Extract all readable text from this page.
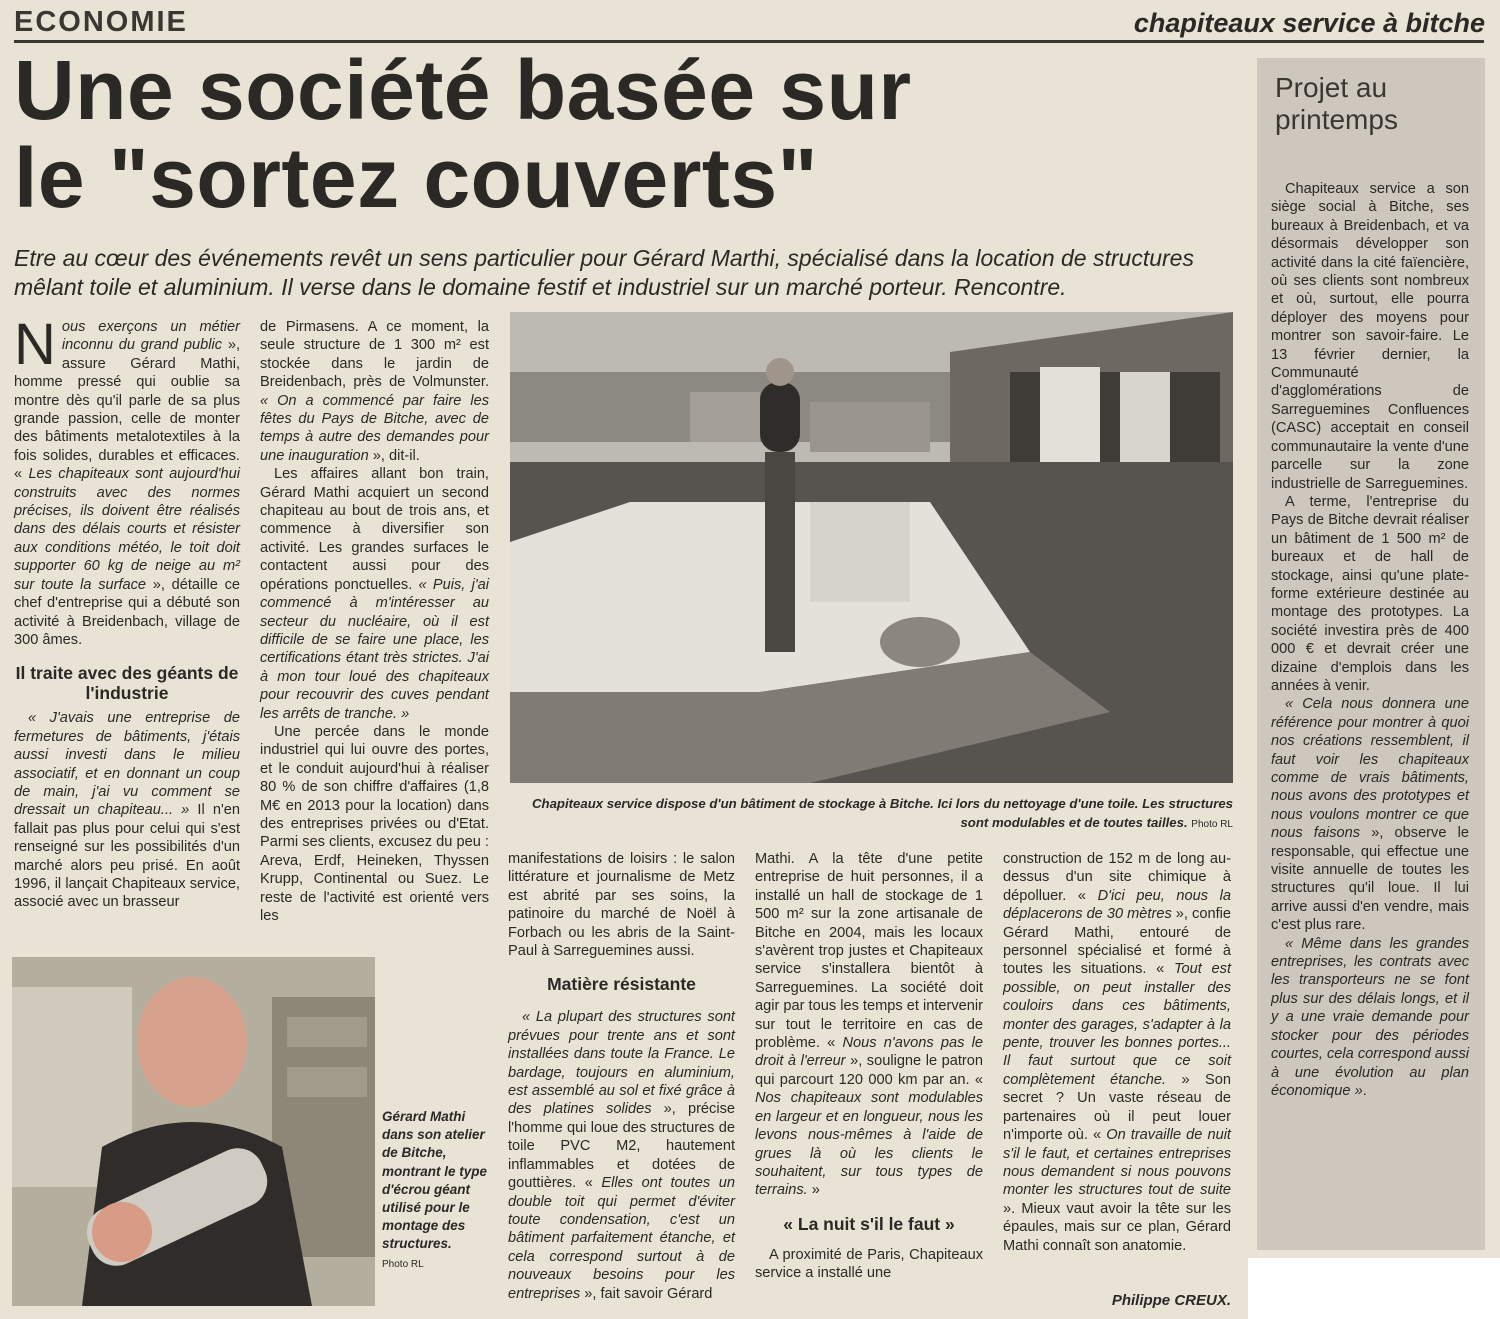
ECONOMIE	chapiteaux service à bitche
Une société basée sur
le "sortez couverts"
Etre au cœur des événements revêt un sens particulier pour Gérard Marthi, spécialisé dans la location de structures mêlant toile et aluminium. Il verse dans le domaine festif et industriel sur un marché porteur. Rencontre.

Nous exerçons un métier inconnu du grand public », assure Gérard Mathi, homme pressé qui oublie sa montre dès qu'il parle de sa plus grande passion, celle de monter des bâtiments metalotextiles à la fois solides, durables et efficaces. « Les chapiteaux sont aujourd'hui construits avec des normes précises, ils doivent être réalisés dans des délais courts et résister aux conditions météo, le toit doit supporter 60 kg de neige au m² sur toute la surface », détaille ce chef d'entreprise qui a débuté son activité à Breidenbach, village de 300 âmes.

Il traite avec des géants de l'industrie

« J'avais une entreprise de fermetures de bâtiments, j'étais aussi investi dans le milieu associatif, et en donnant un coup de main, j'ai vu comment se dressait un chapiteau... » Il n'en fallait pas plus pour celui qui s'est renseigné sur les possibilités d'un marché alors peu prisé. En août 1996, il lançait Chapiteaux service, associé avec un brasseur

de Pirmasens. A ce moment, la seule structure de 1 300 m² est stockée dans le jardin de Breidenbach, près de Volmunster. « On a commencé par faire les fêtes du Pays de Bitche, avec de temps à autre des demandes pour une inauguration », dit-il.

Les affaires allant bon train, Gérard Mathi acquiert un second chapiteau au bout de trois ans, et commence à diversifier son activité. Les grandes surfaces le contactent aussi pour des opérations ponctuelles. « Puis, j'ai commencé à m'intéresser au secteur du nucléaire, où il est difficile de se faire une place, les certifications étant très strictes. J'ai à mon tour loué des chapiteaux pour recouvrir des cuves pendant les arrêts de tranche. »

Une percée dans le monde industriel qui lui ouvre des portes, et le conduit aujourd'hui à réaliser 80 % de son chiffre d'affaires (1,8 M€ en 2013 pour la location) dans des entreprises privées ou d'Etat. Parmi ses clients, excusez du peu : Areva, Erdf, Heineken, Thyssen Krupp, Continental ou Suez. Le reste de l'activité est orienté vers les

Chapiteaux service dispose d'un bâtiment de stockage à Bitche. Ici lors du nettoyage d'une toile. Les structures sont modulables et de toutes tailles. Photo RL
Gérard Mathi dans son atelier de Bitche, montrant le type d'écrou géant utilisé pour le montage des structures.
Photo RL

manifestations de loisirs : le salon littérature et journalisme de Metz est abrité par ses soins, la patinoire du marché de Noël à Forbach ou les abris de la Saint-Paul à Sarreguemines aussi.

Matière résistante

« La plupart des structures sont prévues pour trente ans et sont installées dans toute la France. Le bardage, toujours en aluminium, est assemblé au sol et fixé grâce à des platines solides », précise l'homme qui loue des structures de toile PVC M2, hautement inflammables et dotées de gouttières. « Elles ont toutes un double toit qui permet d'éviter toute condensation, c'est un bâtiment parfaitement étanche, et cela correspond surtout à de nouveaux besoins pour les entreprises », fait savoir Gérard

Mathi. A la tête d'une petite entreprise de huit personnes, il a installé un hall de stockage de 1 500 m² sur la zone artisanale de Bitche en 2004, mais les locaux s'avèrent trop justes et Chapiteaux service s'installera bientôt à Sarreguemines. La société doit agir par tous les temps et intervenir sur tout le territoire en cas de problème. « Nous n'avons pas le droit à l'erreur », souligne le patron qui parcourt 120 000 km par an. « Nos chapiteaux sont modulables en largeur et en longueur, nous les levons nous-mêmes à l'aide de grues là où les clients le souhaitent, sur tous types de terrains. »

« La nuit s'il le faut »

A proximité de Paris, Chapiteaux service a installé une

construction de 152 m de long au-dessus d'un site chimique à dépolluer. « D'ici peu, nous la déplacerons de 30 mètres », confie Gérard Mathi, entouré de personnel spécialisé et formé à toutes les situations. « Tout est possible, on peut installer des couloirs dans ces bâtiments, monter des garages, s'adapter à la pente, trouver les bonnes portes... Il faut surtout que ce soit complètement étanche. » Son secret ? Un vaste réseau de partenaires où il peut louer n'importe où. « On travaille de nuit s'il le faut, et certaines entreprises nous demandent si nous pouvons monter les structures tout de suite ». Mieux vaut avoir la tête sur les épaules, mais sur ce plan, Gérard Mathi connaît son anatomie.

Philippe CREUX.
Projet au printemps

Chapiteaux service a son siège social à Bitche, ses bureaux à Breidenbach, et va désormais développer son activité dans la cité faïencière, où ses clients sont nombreux et où, surtout, elle pourra déployer des moyens pour montrer son savoir-faire. Le 13 février dernier, la Communauté d'agglomérations de Sarreguemines Confluences (CASC) acceptait en conseil communautaire la vente d'une parcelle sur la zone industrielle de Sarreguemines.

A terme, l'entreprise du Pays de Bitche devrait réaliser un bâtiment de 1 500 m² de bureaux et de hall de stockage, ainsi qu'une plate-forme extérieure destinée au montage des prototypes. La société investira près de 400 000 € et devrait créer une dizaine d'emplois dans les années à venir.

« Cela nous donnera une référence pour montrer à quoi nos créations ressemblent, il faut voir les chapiteaux comme de vrais bâtiments, nous avons des prototypes et nous voulons montrer ce que nous faisons », observe le responsable, qui effectue une visite annuelle de toutes les structures qu'il loue. Il lui arrive aussi d'en vendre, mais c'est plus rare.

« Même dans les grandes entreprises, les contrats avec les transporteurs ne se font plus sur des délais longs, et il y a une vraie demande pour stocker pour des périodes courtes, cela correspond aussi à une évolution au plan économique ».
